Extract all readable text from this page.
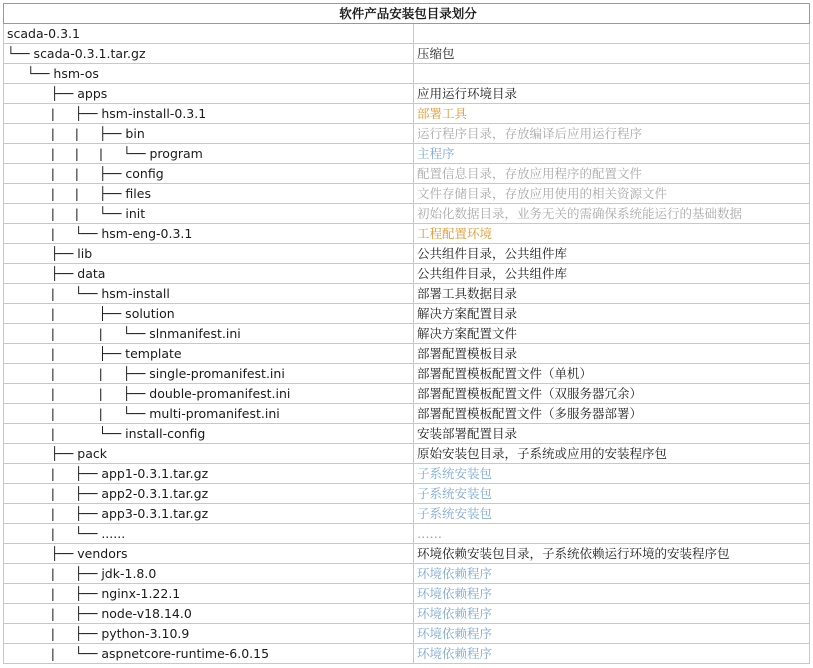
软件产品安装包目录划分	
scada-0.3.1	
└── scada-0.3.1.tar.gz	压缩包
└── hsm-os	
├── apps	应用运行环境目录
|     ├── hsm-install-0.3.1	部署工具
|     |     ├── bin	运行程序目录，存放编译后应用运行程序
|     |     |     └── program	主程序
|     |     ├── config	配置信息目录，存放应用程序的配置文件
|     |     ├── files	文件存储目录，存放应用使用的相关资源文件
|     |     └── init	初始化数据目录，业务无关的需确保系统能运行的基础数据
|     └── hsm-eng-0.3.1	工程配置环境
├── lib	公共组件目录，公共组件库
├── data	公共组件目录，公共组件库
|     └── hsm-install	部署工具数据目录
|           ├── solution	解决方案配置目录
|           |     └── slnmanifest.ini	解决方案配置文件
|           ├── template	部署配置模板目录
|           |     ├── single-promanifest.ini	部署配置模板配置文件（单机）
|           |     ├── double-promanifest.ini	部署配置模板配置文件（双服务器冗余）
|           |     └── multi-promanifest.ini	部署配置模板配置文件（多服务器部署）
|           └── install-config	安装部署配置目录
├── pack	原始安装包目录，子系统或应用的安装程序包
|     ├── app1-0.3.1.tar.gz	子系统安装包
|     ├── app2-0.3.1.tar.gz	子系统安装包
|     ├── app3-0.3.1.tar.gz	子系统安装包
|     └── ......	……
├── vendors	环境依赖安装包目录，子系统依赖运行环境的安装程序包
|     ├── jdk-1.8.0	环境依赖程序
|     ├── nginx-1.22.1	环境依赖程序
|     ├── node-v18.14.0	环境依赖程序
|     ├── python-3.10.9	环境依赖程序
|     └── aspnetcore-runtime-6.0.15	环境依赖程序
